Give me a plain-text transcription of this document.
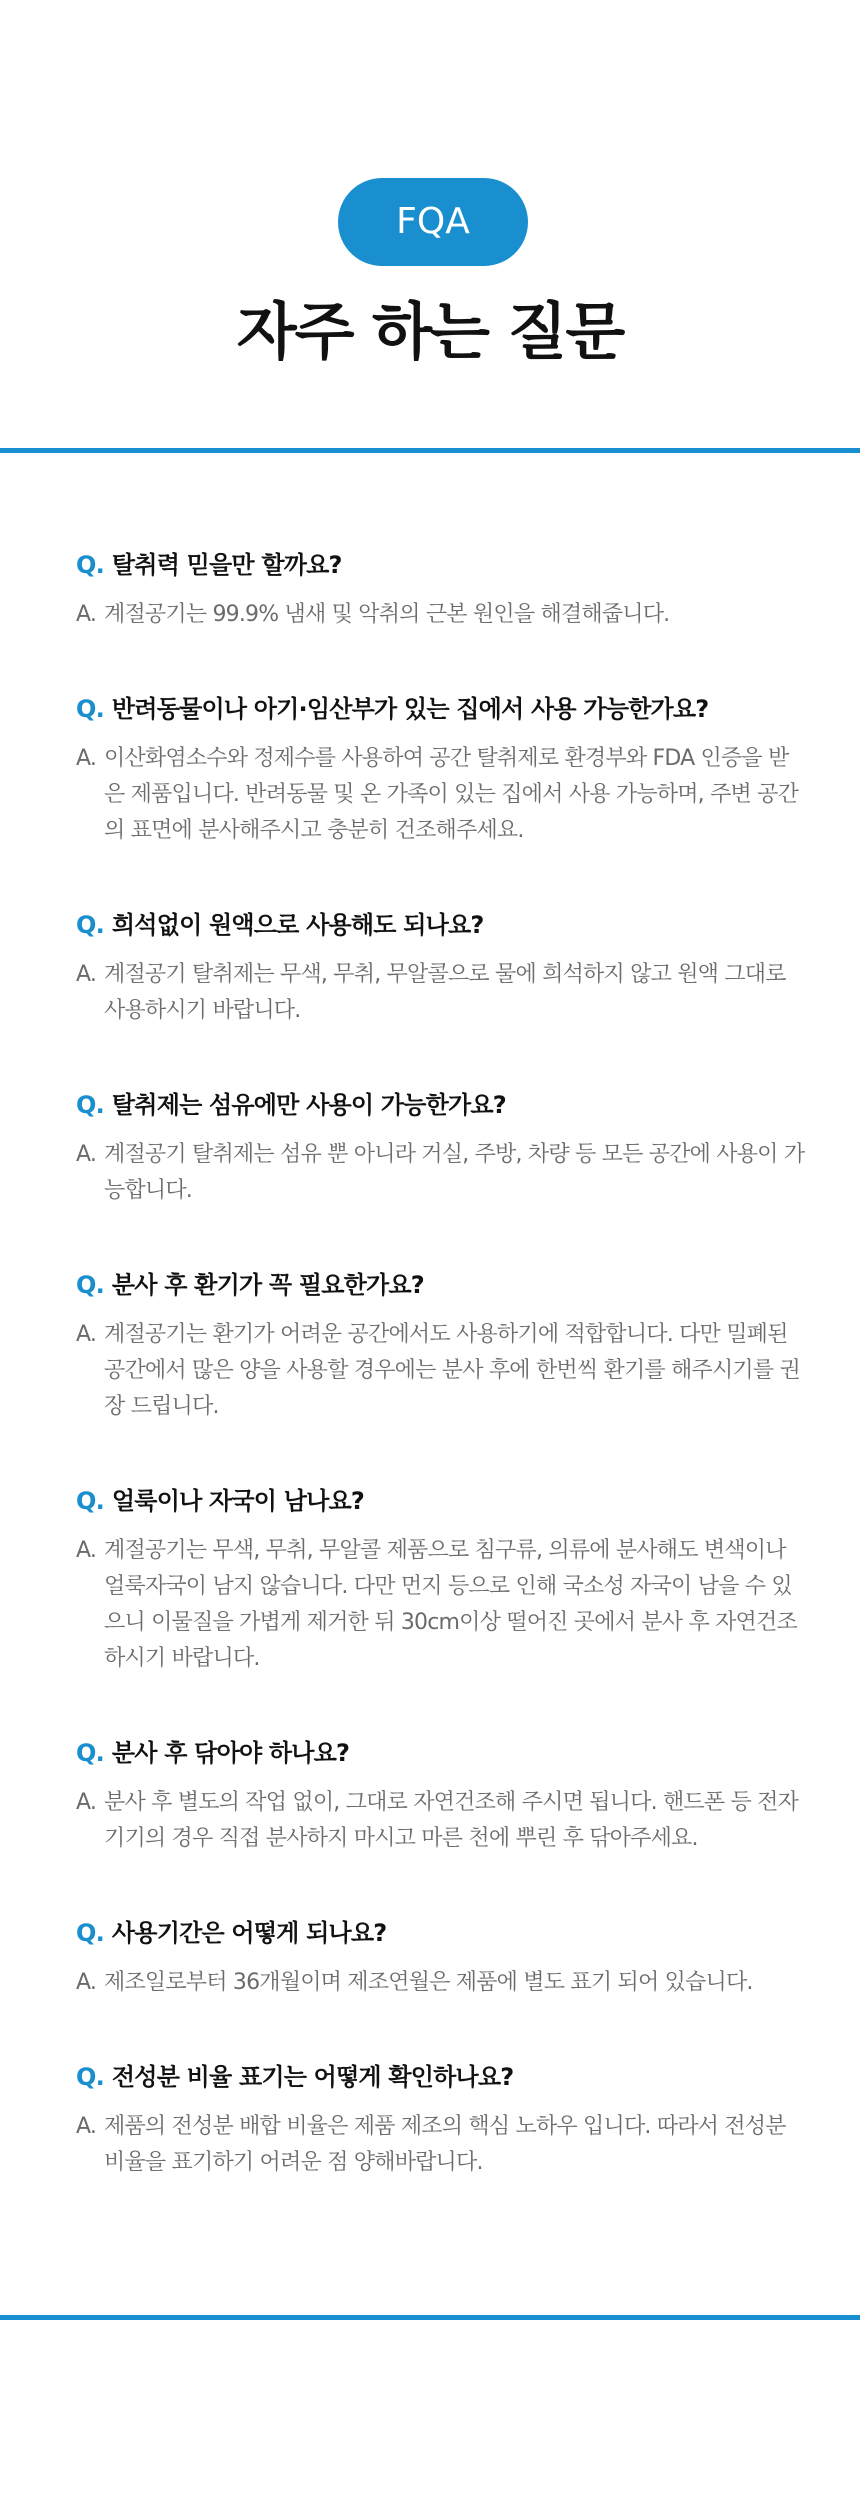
FQA
자주 하는 질문
Q. 탈취력 믿을만 할까요?
A. 계절공기는 99.9% 냄새 및 악취의 근본 원인을 해결해줍니다.
Q. 반려동물이나 아기·임산부가 있는 집에서 사용 가능한가요?
A. 이산화염소수와 정제수를 사용하여 공간 탈취제로 환경부와 FDA 인증을 받은 제품입니다. 반려동물 및 온 가족이 있는 집에서 사용 가능하며, 주변 공간의 표면에 분사해주시고 충분히 건조해주세요.
Q. 희석없이 원액으로 사용해도 되나요?
A. 계절공기 탈취제는 무색, 무취, 무알콜으로 물에 희석하지 않고 원액 그대로 사용하시기 바랍니다.
Q. 탈취제는 섬유에만 사용이 가능한가요?
A. 계절공기 탈취제는 섬유 뿐 아니라 거실, 주방, 차량 등 모든 공간에 사용이 가능합니다.
Q. 분사 후 환기가 꼭 필요한가요?
A. 계절공기는 환기가 어려운 공간에서도 사용하기에 적합합니다. 다만 밀폐된 공간에서 많은 양을 사용할 경우에는 분사 후에 한번씩 환기를 해주시기를 권장 드립니다.
Q. 얼룩이나 자국이 남나요?
A. 계절공기는 무색, 무취, 무알콜 제품으로 침구류, 의류에 분사해도 변색이나 얼룩자국이 남지 않습니다. 다만 먼지 등으로 인해 국소성 자국이 남을 수 있으니 이물질을 가볍게 제거한 뒤 30cm이상 떨어진 곳에서 분사 후 자연건조 하시기 바랍니다.
Q. 분사 후 닦아야 하나요?
A. 분사 후 별도의 작업 없이, 그대로 자연건조해 주시면 됩니다. 핸드폰 등 전자 기기의 경우 직접 분사하지 마시고 마른 천에 뿌린 후 닦아주세요.
Q. 사용기간은 어떻게 되나요?
A. 제조일로부터 36개월이며 제조연월은 제품에 별도 표기 되어 있습니다.
Q. 전성분 비율 표기는 어떻게 확인하나요?
A. 제품의 전성분 배합 비율은 제품 제조의 핵심 노하우 입니다. 따라서 전성분 비율을 표기하기 어려운 점 양해바랍니다.
